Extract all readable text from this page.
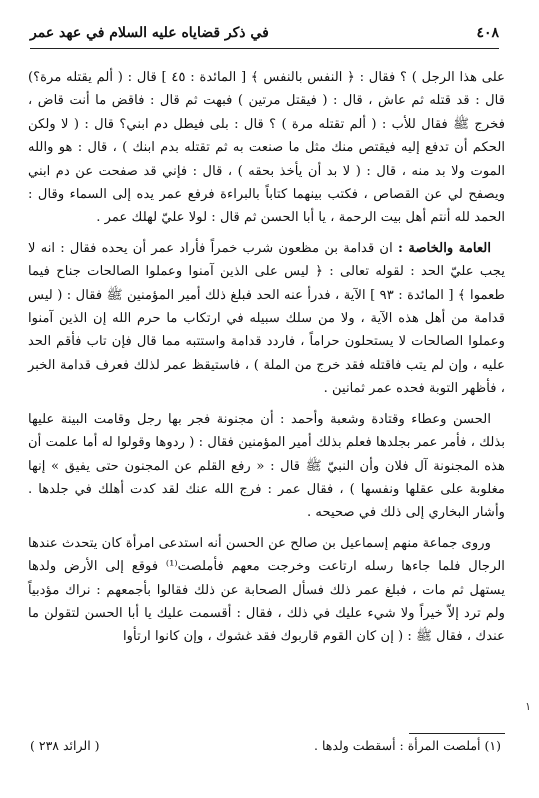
٤٠٨
في ذكر قضاياه عليه السلام في عهد عمر

على هذا الرجل ) ؟ فقال : ﴿ النفس بالنفس ﴾ [ المائدة : ٤٥ ] قال : ( ألم يقتله مرة؟) قال : قد قتله ثم عاش ، قال : ( فيقتل مرتين ) فبهت ثم قال : فاقض ما أنت قاض ، فخرج ﷺ فقال للأب : ( ألم تقتله مرة ) ؟ قال : بلى فيطل دم ابني؟ قال : ( لا ولكن الحكم أن تدفع إليه فيقتص منك مثل ما صنعت به ثم تقتله بدم ابنك ) ، قال : هو والله الموت ولا بد منه ، قال : ( لا بد أن يأخذ بحقه ) ، قال : فإني قد صفحت عن دم ابني ويصفح لي عن القصاص ، فكتب بينهما كتاباً بالبراءة فرفع عمر يده إلى السماء وقال : الحمد لله أنتم أهل بيت الرحمة ، يا أبا الحسن ثم قال : لولا عليّ لهلك عمر .

العامة والخاصة : ان قدامة بن مظعون شرب خمراً فأراد عمر أن يحده فقال : انه لا يجب عليّ الحد : لقوله تعالى : ﴿ ليس على الذين آمنوا وعملوا الصالحات جناح فيما طعموا ﴾ [ المائدة : ٩٣ ] الآية ، فدرأ عنه الحد فبلغ ذلك أمير المؤمنين ﷺ فقال : ( ليس قدامة من أهل هذه الآية ، ولا من سلك سبيله في ارتكاب ما حرم الله إن الذين آمنوا وعملوا الصالحات لا يستحلون حراماً ، فاردد قدامة واستتبه مما قال فإن تاب فأقم الحد عليه ، وإن لم يتب فاقتله فقد خرج من الملة ) ، فاستيقظ عمر لذلك فعرف قدامة الخبر ، فأظهر التوبة فحده عمر ثمانين .

الحسن وعطاء وقتادة وشعبة وأحمد : أن مجنونة فجر بها رجل وقامت البينة عليها بذلك ، فأمر عمر بجلدها فعلم بذلك أمير المؤمنين فقال : ( ردوها وقولوا له أما علمت أن هذه المجنونة آل فلان وأن النبيّ ﷺ قال : « رفع القلم عن المجنون حتى يفيق » إنها مغلوبة على عقلها ونفسها ) ، فقال عمر : فرج الله عنك لقد كدت أهلك في جلدها . وأشار البخاري إلى ذلك في صحيحه .

وروى جماعة منهم إسماعيل بن صالح عن الحسن أنه استدعى امرأة كان يتحدث عندها الرجال فلما جاءها رسله ارتاعت وخرجت معهم فأملصت⁽¹⁾ فوقع إلى الأرض ولدها يستهل ثم مات ، فبلغ عمر ذلك فسأل الصحابة عن ذلك فقالوا بأجمعهم : نراك مؤدبياً ولم ترد إلاّ خيراً ولا شيء عليك في ذلك ، فقال : أقسمت عليك يا أبا الحسن لتقولن ما عندك ، فقال ﷺ : ( إن كان القوم قاربوك فقد غشوك ، وإن كانوا ارتأوا

١
(١) أملصت المرأة : أسقطت ولدها .
( الرائد ٢٣٨ )
